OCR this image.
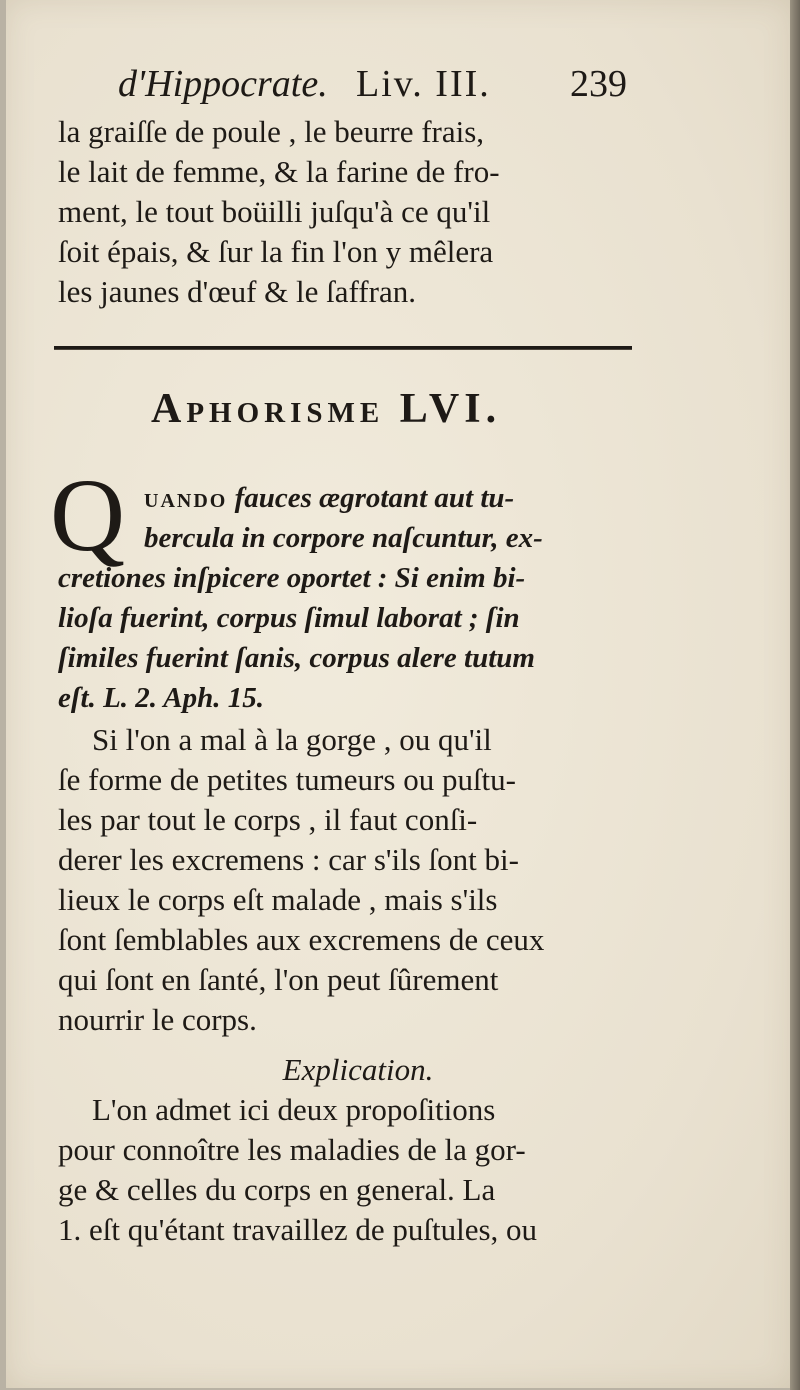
d'Hippocrate. Liv. III. 239
la graiſſe de poule , le beurre frais,
le lait de femme, & la farine de fro-
ment, le tout boüilli juſqu'à ce qu'il
ſoit épais, & ſur la fin l'on y mêlera
les jaunes d'œuf & le ſaffran.
Aphorisme LVI.
Q uando fauces ægrotant aut tu-
bercula in corpore naſcuntur, ex-
cretiones inſpicere oportet : Si enim bi-
lioſa fuerint, corpus ſimul laborat ; ſin
ſimiles fuerint ſanis, corpus alere tutum
eſt. L. 2. Aph. 15.
Si l'on a mal à la gorge , ou qu'il
ſe forme de petites tumeurs ou puſtu-
les par tout le corps , il faut conſi-
derer les excremens : car s'ils ſont bi-
lieux le corps eſt malade , mais s'ils
ſont ſemblables aux excremens de ceux
qui ſont en ſanté, l'on peut ſûrement
nourrir le corps.
Explication.
L'on admet ici deux propoſitions
pour connoître les maladies de la gor-
ge & celles du corps en general. La
1. eſt qu'étant travaillez de puſtules, ou
